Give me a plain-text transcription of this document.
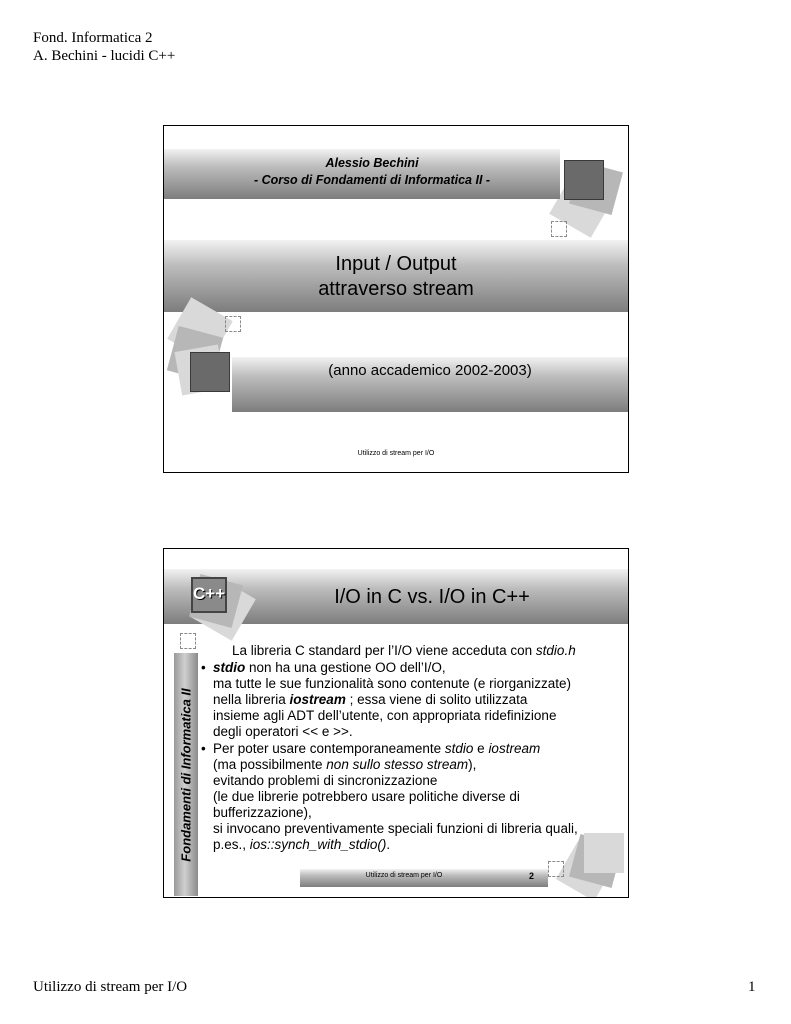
Fond. Informatica 2
A. Bechini - lucidi C++
Alessio Bechini
- Corso di Fondamenti di Informatica II -
Input / Output
attraverso stream
(anno accademico 2002-2003)
Utilizzo di stream per I/O
I/O in C vs. I/O in C++
C++
Fondamenti di Informatica II
La libreria C standard per l’I/O viene acceduta con stdio.h
• stdio non ha una gestione OO dell’I/O,
ma tutte le sue funzionalità sono contenute (e riorganizzate)
nella libreria iostream ; essa viene di solito utilizzata
insieme agli ADT dell’utente, con appropriata ridefinizione
degli operatori << e >>.
• Per poter usare contemporaneamente stdio e iostream
(ma possibilmente non sullo stesso stream),
evitando problemi di sincronizzazione
(le due librerie potrebbero usare politiche diverse di
bufferizzazione),
si invocano preventivamente speciali funzioni di libreria quali,
p.es., ios::synch_with_stdio().
Utilizzo di stream per I/O	2
Utilizzo di stream per I/O	1
